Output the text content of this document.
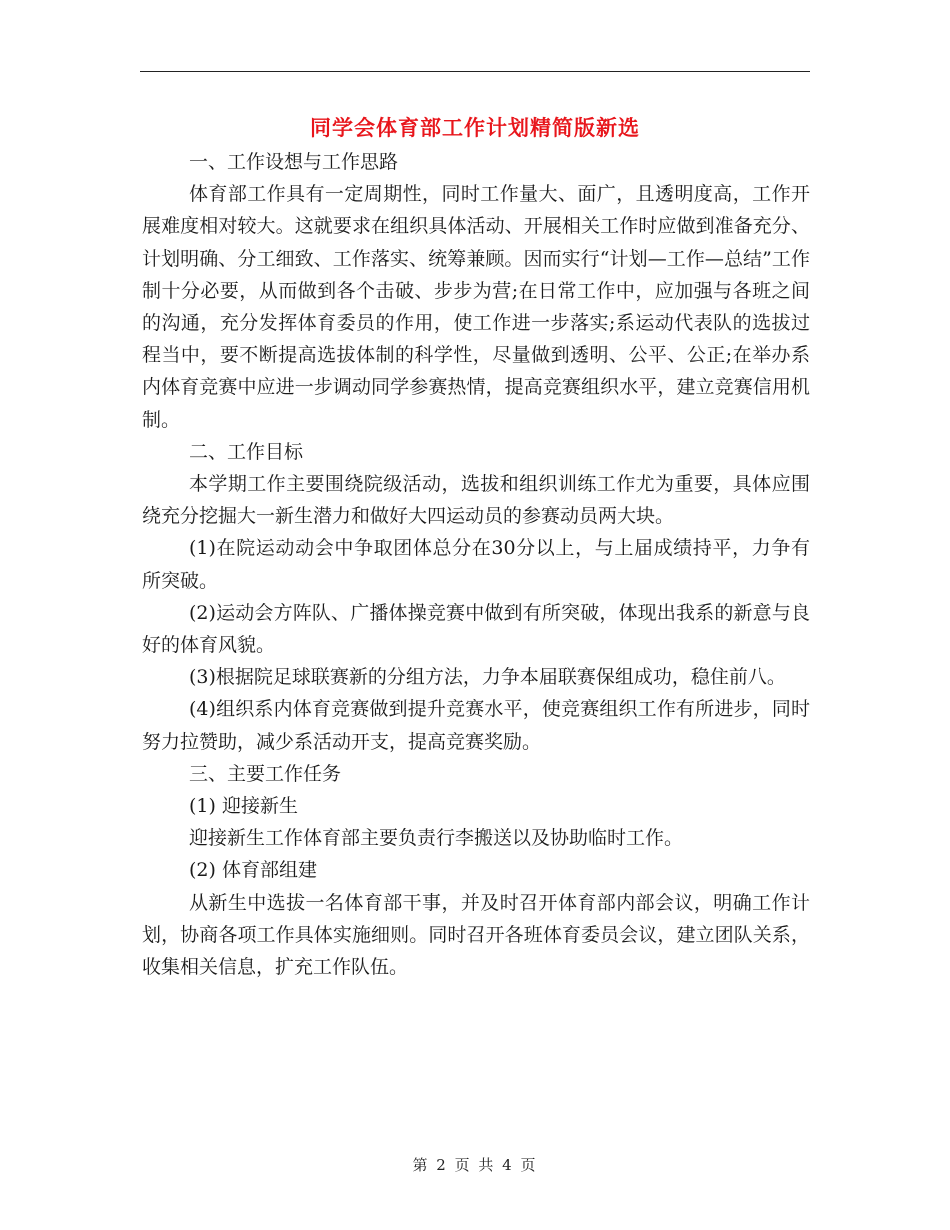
同学会体育部工作计划精简版新选

一、工作设想与工作思路

体育部工作具有一定周期性，同时工作量大、面广，且透明度高，工作开展难度相对较大。这就要求在组织具体活动、开展相关工作时应做到准备充分、计划明确、分工细致、工作落实、统筹兼顾。因而实行“计划—工作—总结”工作制十分必要，从而做到各个击破、步步为营;在日常工作中，应加强与各班之间的沟通，充分发挥体育委员的作用，使工作进一步落实;系运动代表队的选拔过程当中，要不断提高选拔体制的科学性，尽量做到透明、公平、公正;在举办系内体育竞赛中应进一步调动同学参赛热情，提高竞赛组织水平，建立竞赛信用机制。

二、工作目标

本学期工作主要围绕院级活动，选拔和组织训练工作尤为重要，具体应围绕充分挖掘大一新生潜力和做好大四运动员的参赛动员两大块。

(1)在院运动动会中争取团体总分在30分以上，与上届成绩持平，力争有所突破。

(2)运动会方阵队、广播体操竞赛中做到有所突破，体现出我系的新意与良好的体育风貌。

(3)根据院足球联赛新的分组方法，力争本届联赛保组成功，稳住前八。

(4)组织系内体育竞赛做到提升竞赛水平，使竞赛组织工作有所进步，同时努力拉赞助，减少系活动开支，提高竞赛奖励。

三、主要工作任务

(1) 迎接新生

迎接新生工作体育部主要负责行李搬送以及协助临时工作。

(2) 体育部组建

从新生中选拔一名体育部干事，并及时召开体育部内部会议，明确工作计划，协商各项工作具体实施细则。同时召开各班体育委员会议，建立团队关系，收集相关信息，扩充工作队伍。

第 2 页 共 4 页
